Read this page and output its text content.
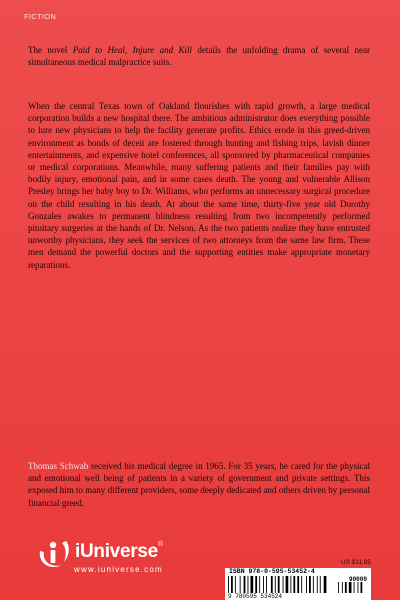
FICTION

The novel Paid to Heal, Injure and Kill details the unfolding drama of several near simultaneous medical malpractice suits.

When the central Texas town of Oakland flourishes with rapid growth, a large medical corporation builds a new hospital there. The ambitious administrator does everything possible to lure new physicians to help the facility generate profits. Ethics erode in this greed-driven environment as bonds of deceit are fostered through hunting and fishing trips, lavish dinner entertainments, and expensive hotel conferences, all sponsored by pharmaceutical companies or medical corporations. Meanwhile, many suffering patients and their families pay with bodily injury, emotional pain, and in some cases death. The young and vulnerable Allison Presley brings her baby boy to Dr. Williams, who performs an unnecessary surgical procedure on the child resulting in his death. At about the same time, thirty-five year old Dorothy Gonzales awakes to permanent blindness resulting from two incompetently performed pituitary surgeries at the hands of Dr. Nelson. As the two patients realize they have entrusted unworthy physicians, they seek the services of two attorneys from the same law firm. These men demand the powerful doctors and the supporting entities make appropriate monetary reparations.

Thomas Schwab received his medical degree in 1965. For 35 years, he cared for the physical and emotional well being of patients in a variety of government and private settings. This exposed him to many different providers, some deeply dedicated and others driven by personal financial greed.

US $11.95
iUniverse®
www.iuniverse.com	ISBN 978-0-595-53452-4
90000
9 780595 534524
